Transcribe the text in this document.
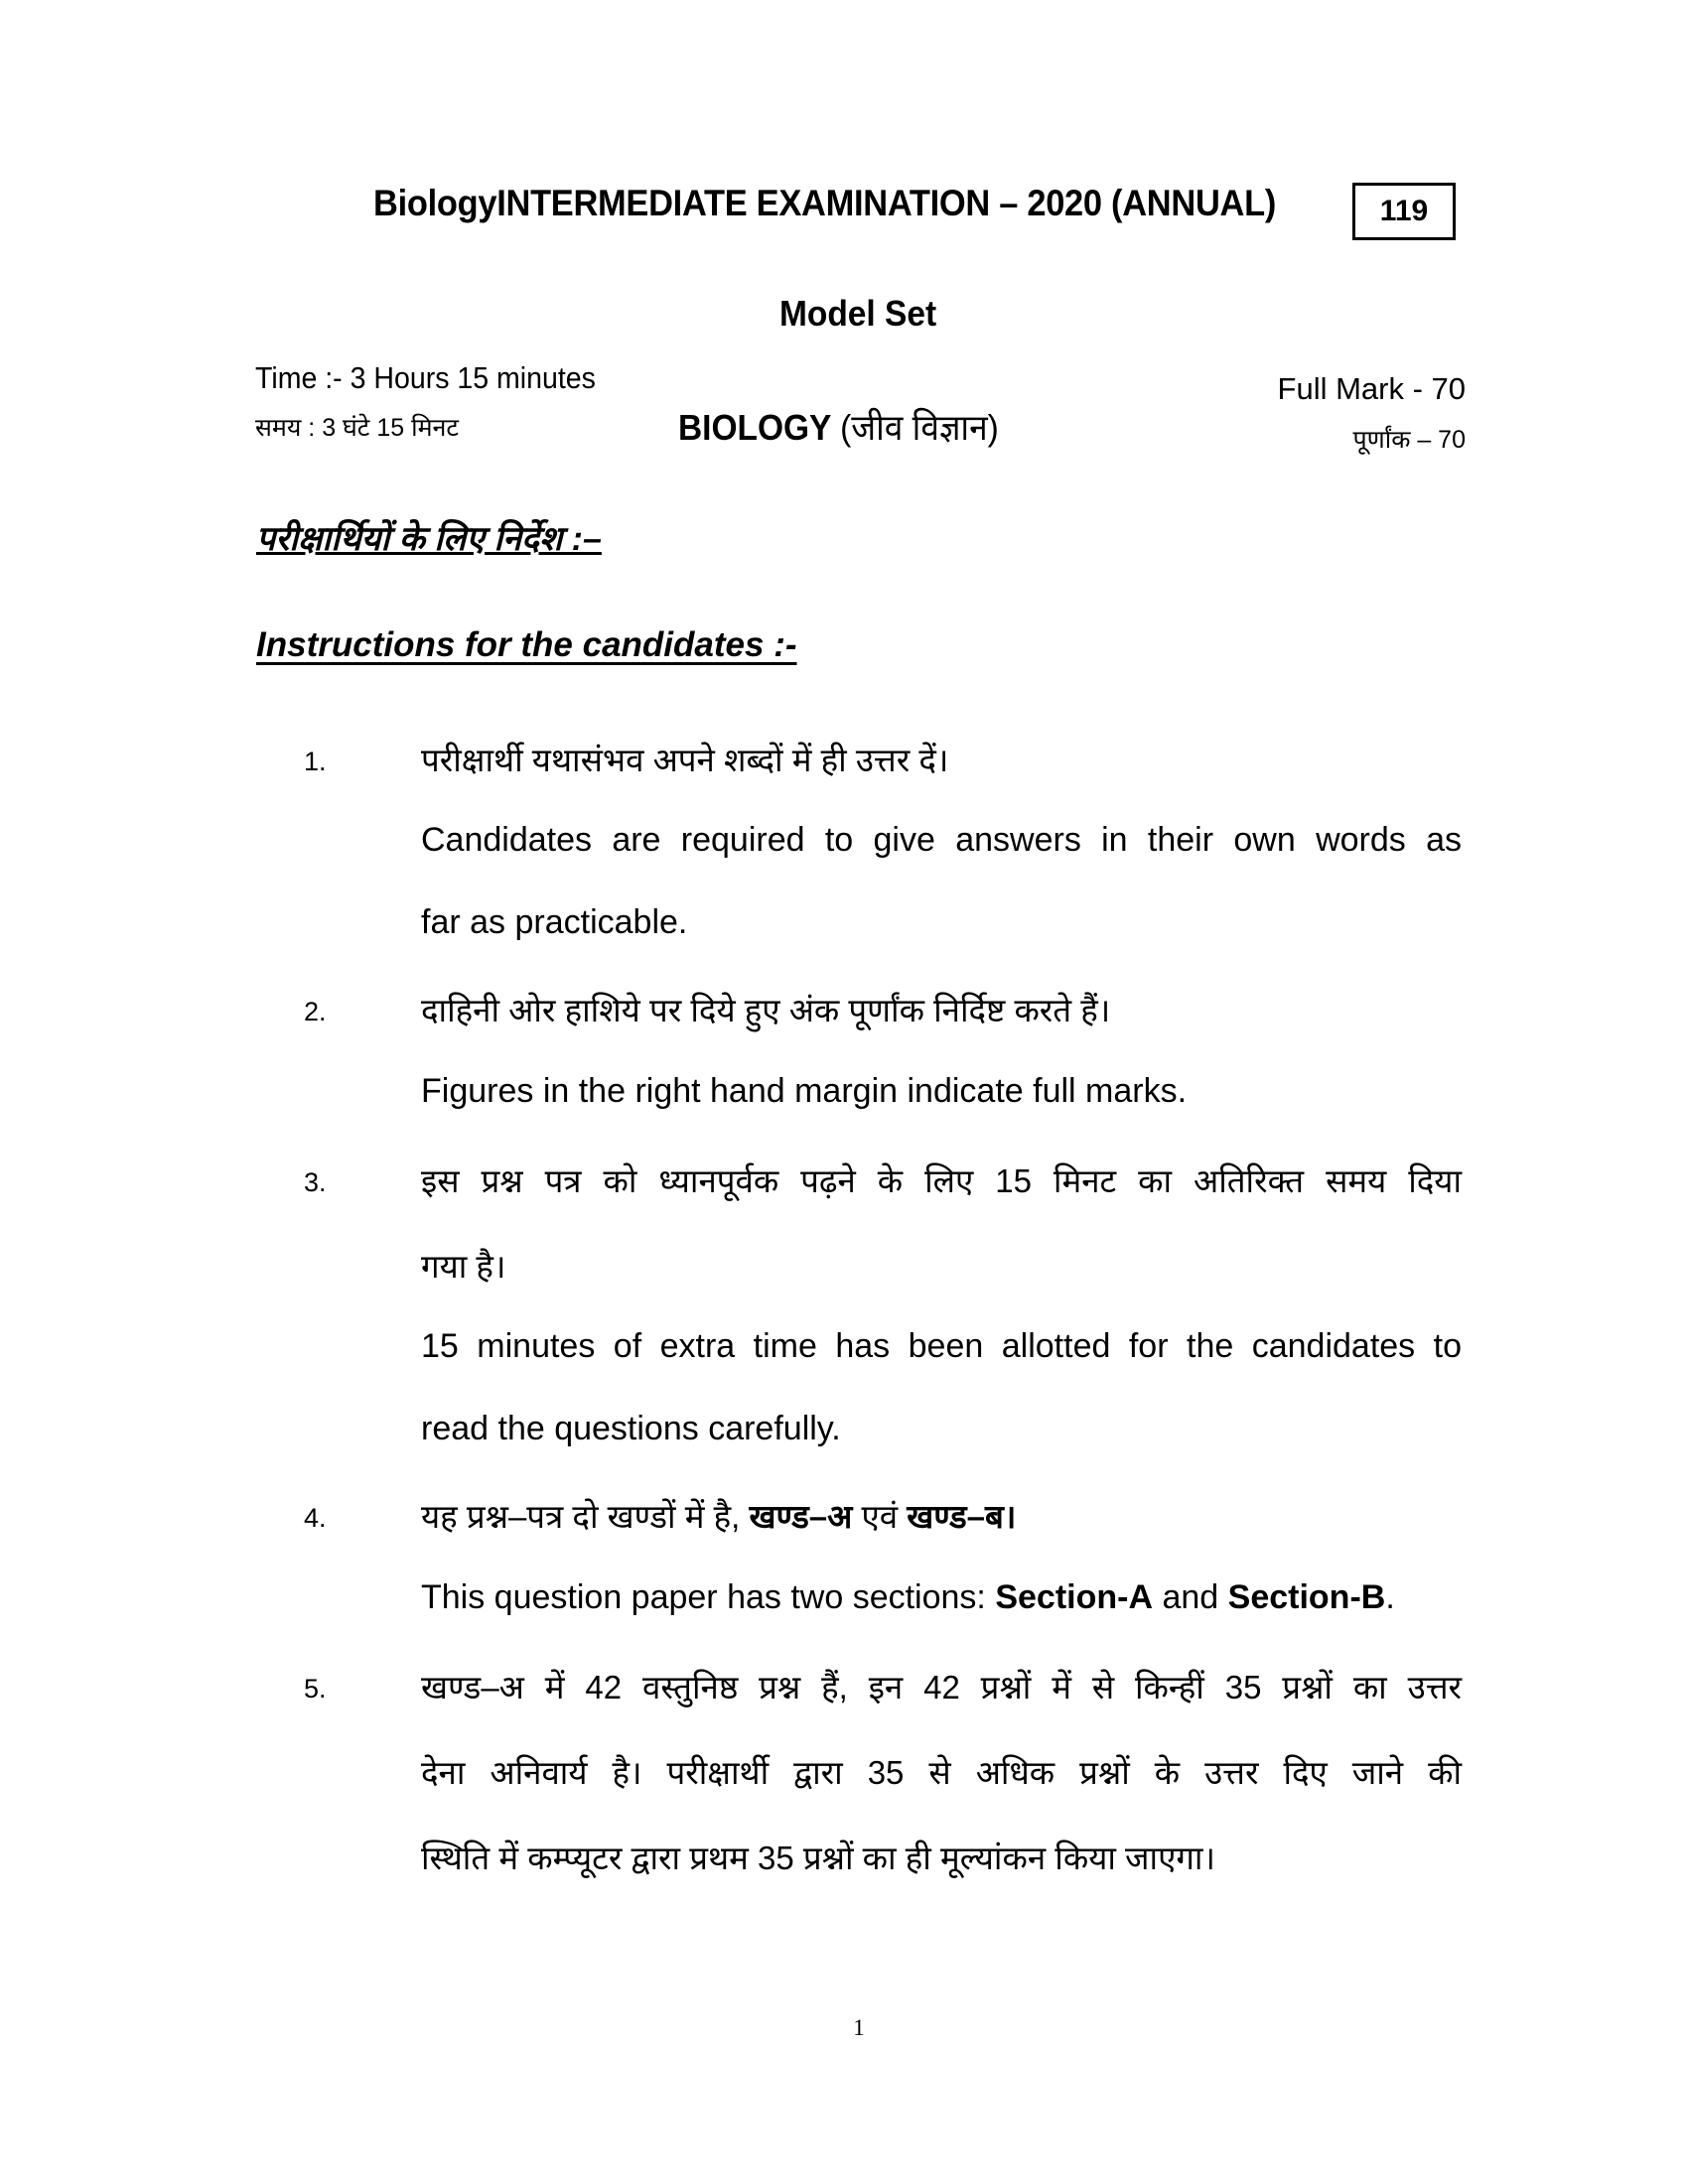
BiologyINTERMEDIATE EXAMINATION – 2020 (ANNUAL)	119
Model Set
Time :- 3 Hours 15 minutes
समय : 3 घंटे 15 मिनट	BIOLOGY (जीव विज्ञान)
Full Mark - 70
पूर्णांक – 70
परीक्षार्थियों के लिए निर्देश :–
Instructions for the candidates :-
1.	परीक्षार्थी यथासंभव अपने शब्दों में ही उत्तर दें।
Candidates are required to give answers in their own words as
far as practicable.
2.	दाहिनी ओर हाशिये पर दिये हुए अंक पूर्णांक निर्दिष्ट करते हैं।
Figures in the right hand margin indicate full marks.
3.	इस प्रश्न पत्र को ध्यानपूर्वक पढ़ने के लिए 15 मिनट का अतिरिक्त समय दिया
गया है।
15 minutes of extra time has been allotted for the candidates to
read the questions carefully.
4.	यह प्रश्न–पत्र दो खण्डों में है, खण्ड–अ एवं खण्ड–ब।
This question paper has two sections: Section-A and Section-B.
5.	खण्ड–अ में 42 वस्तुनिष्ठ प्रश्न हैं, इन 42 प्रश्नों में से किन्हीं 35 प्रश्नों का उत्तर
देना अनिवार्य है। परीक्षार्थी द्वारा 35 से अधिक प्रश्नों के उत्तर दिए जाने की
स्थिति में कम्प्यूटर द्वारा प्रथम 35 प्रश्नों का ही मूल्यांकन किया जाएगा।
1
